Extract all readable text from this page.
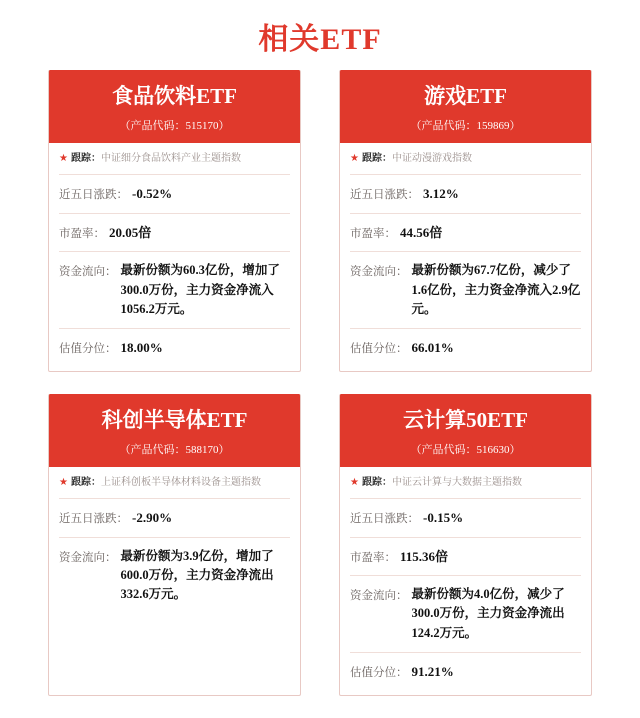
相关ETF
食品饮料ETF
（产品代码：515170）
★ 跟踪： 中证细分食品饮料产业主题指数
近五日涨跌： -0.52%
市盈率： 20.05倍
资金流向： 最新份额为60.3亿份，增加了300.0万份，主力资金净流入1056.2万元。
估值分位： 18.00%
游戏ETF
（产品代码：159869）
★ 跟踪： 中证动漫游戏指数
近五日涨跌： 3.12%
市盈率： 44.56倍
资金流向： 最新份额为67.7亿份，减少了1.6亿份，主力资金净流入2.9亿元。
估值分位： 66.01%
科创半导体ETF
（产品代码：588170）
★ 跟踪： 上证科创板半导体材料设备主题指数
近五日涨跌： -2.90%
资金流向： 最新份额为3.9亿份，增加了600.0万份，主力资金净流出332.6万元。
云计算50ETF
（产品代码：516630）
★ 跟踪： 中证云计算与大数据主题指数
近五日涨跌： -0.15%
市盈率： 115.36倍
资金流向： 最新份额为4.0亿份，减少了300.0万份，主力资金净流出124.2万元。
估值分位： 91.21%
